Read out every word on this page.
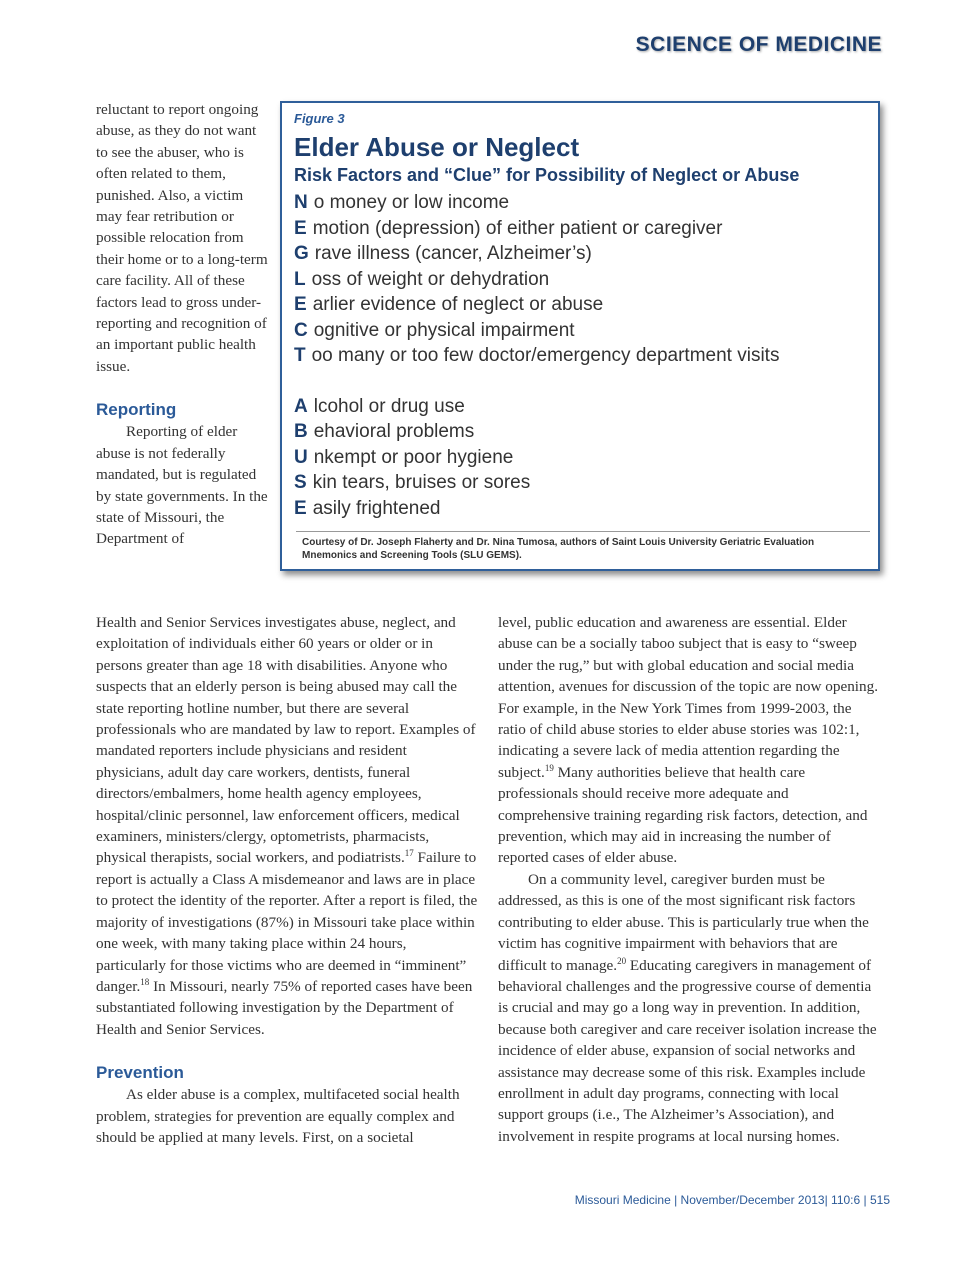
SCIENCE OF MEDICINE

reluctant to report ongoing abuse, as they do not want to see the abuser, who is often related to them, punished. Also, a victim may fear retribution or possible relocation from their home or to a long-term care facility. All of these factors lead to gross under-reporting and recognition of an important public health issue.

Reporting

Reporting of elder abuse is not federally mandated, but is regulated by state governments. In the state of Missouri, the Department of

Figure 3

Elder Abuse or Neglect
Risk Factors and “Clue” for Possibility of Neglect or Abuse
N o money or low income
E motion (depression) of either patient or caregiver
G rave illness (cancer, Alzheimer’s)
L oss of weight or dehydration
E arlier evidence of neglect or abuse
C ognitive or physical impairment
T oo many or too few doctor/emergency department visits
A lcohol or drug use
B ehavioral problems
U nkempt or poor hygiene
S kin tears, bruises or sores
E asily frightened
Courtesy of Dr. Joseph Flaherty and Dr. Nina Tumosa, authors of Saint Louis University Geriatric Evaluation Mnemonics and Screening Tools (SLU GEMS).

Health and Senior Services investigates abuse, neglect, and exploitation of individuals either 60 years or older or in persons greater than age 18 with disabilities. Anyone who suspects that an elderly person is being abused may call the state reporting hotline number, but there are several professionals who are mandated by law to report. Examples of mandated reporters include physicians and resident physicians, adult day care workers, dentists, funeral directors/embalmers, home health agency employees, hospital/clinic personnel, law enforcement officers, medical examiners, ministers/clergy, optometrists, pharmacists, physical therapists, social workers, and podiatrists.$^{17}$ Failure to report is actually a Class A misdemeanor and laws are in place to protect the identity of the reporter. After a report is filed, the majority of investigations (87%) in Missouri take place within one week, with many taking place within 24 hours, particularly for those victims who are deemed in “imminent” danger.$^{18}$ In Missouri, nearly 75% of reported cases have been substantiated following investigation by the Department of Health and Senior Services.

Prevention

As elder abuse is a complex, multifaceted social health problem, strategies for prevention are equally complex and should be applied at many levels. First, on a societal

level, public education and awareness are essential. Elder abuse can be a socially taboo subject that is easy to “sweep under the rug,” but with global education and social media attention, avenues for discussion of the topic are now opening. For example, in the New York Times from 1999-2003, the ratio of child abuse stories to elder abuse stories was 102:1, indicating a severe lack of media attention regarding the subject.$^{19}$ Many authorities believe that health care professionals should receive more adequate and comprehensive training regarding risk factors, detection, and prevention, which may aid in increasing the number of reported cases of elder abuse.

On a community level, caregiver burden must be addressed, as this is one of the most significant risk factors contributing to elder abuse. This is particularly true when the victim has cognitive impairment with behaviors that are difficult to manage.$^{20}$ Educating caregivers in management of behavioral challenges and the progressive course of dementia is crucial and may go a long way in prevention. In addition, because both caregiver and care receiver isolation increase the incidence of elder abuse, expansion of social networks and assistance may decrease some of this risk. Examples include enrollment in adult day programs, connecting with local support groups (i.e., The Alzheimer’s Association), and involvement in respite programs at local nursing homes.

Missouri Medicine | November/December 2013| 110:6 | 515
